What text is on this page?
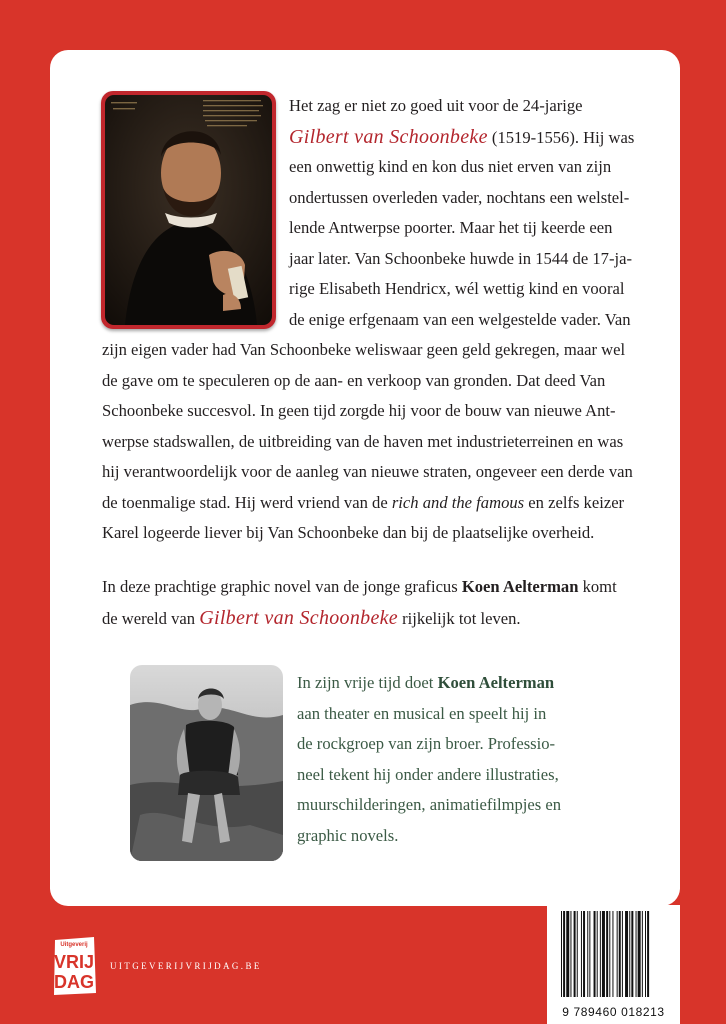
Het zag er niet zo goed uit voor de 24-jarige
Gilbert van Schoonbeke (1519-1556). Hij was
een onwettig kind en kon dus niet erven van zijn
ondertussen overleden vader, nochtans een welstel-
lende Antwerpse poorter. Maar het tij keerde een
jaar later. Van Schoonbeke huwde in 1544 de 17-ja-
rige Elisabeth Hendricx, wél wettig kind en vooral
de enige erfgenaam van een welgestelde vader. Van
zijn eigen vader had Van Schoonbeke weliswaar geen geld gekregen, maar wel
de gave om te speculeren op de aan- en verkoop van gronden. Dat deed Van
Schoonbeke succesvol. In geen tijd zorgde hij voor de bouw van nieuwe Ant-
werpse stadswallen, de uitbreiding van de haven met industrieterreinen en was
hij verantwoordelijk voor de aanleg van nieuwe straten, ongeveer een derde van
de toenmalige stad. Hij werd vriend van de rich and the famous en zelfs keizer
Karel logeerde liever bij Van Schoonbeke dan bij de plaatselijke overheid.
In deze prachtige graphic novel van de jonge graficus Koen Aelterman komt
de wereld van Gilbert van Schoonbeke rijkelijk tot leven.
In zijn vrije tijd doet Koen Aelterman
aan theater en musical en speelt hij in
de rockgroep van zijn broer. Professio-
neel tekent hij onder andere illustraties,
muurschilderingen, animatiefilmpjes en
graphic novels.
Uitgeverij
VRIJ
DAG
UITGEVERIJVRIJDAG.BE
9 789460 018213
